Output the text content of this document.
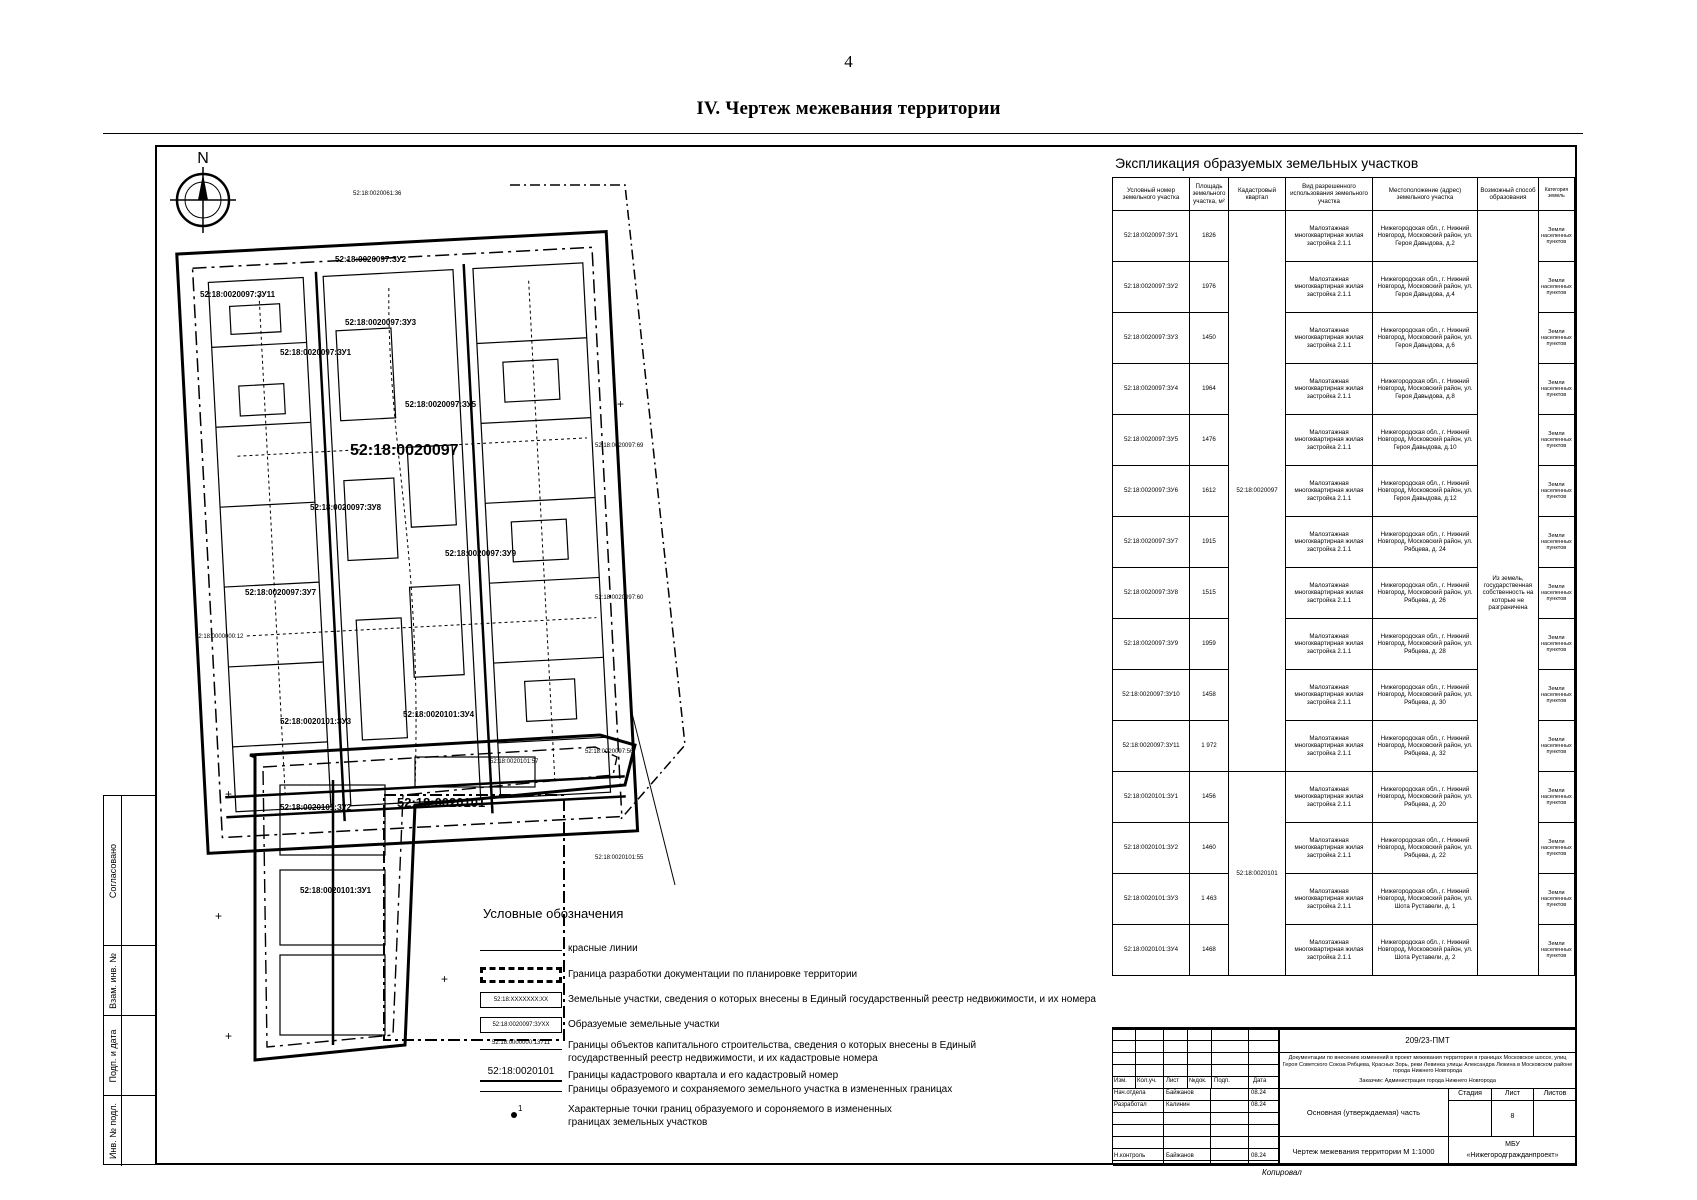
4
IV. Чертеж межевания территории
Согласовано
Взам. инв. №
Подп. и дата
Инв. № подл.
N
52:18:0020097
52:18:0020101
52:18:0020097:ЗУ2
52:18:0020097:ЗУ11
52:18:0020097:ЗУ3
52:18:0020097:ЗУ1
52:18:0020097:ЗУ5
52:18:0020097:ЗУ8
52:18:0020097:ЗУ9
52:18:0020097:ЗУ7
52:18:0020101:ЗУ3
52:18:0020101:ЗУ4
52:18:0020101:ЗУ2
52:18:0020101:ЗУ1
52:18:0020061:36
52:18:0020097:69
52:18:0020097:60
52:18:0020097:56
52:18:0020101:57
52:18:0020101:55
52:18:0000000:12
+
+
+
+
+
Экспликация образуемых земельных участков
Условный номер земельного участка	Площадь земельного участка, м²	Кадастровый квартал	Вид разрешенного использования земельного участка	Местоположение (адрес) земельного участка	Возможный способ образования	Категория земель
52:18:0020097:ЗУ1	1826	52:18:0020097	Малоэтажная многоквартирная жилая застройка 2.1.1	Нижегородская обл., г. Нижний Новгород, Московский район, ул. Героя Давыдова, д.2	Из земель, государственная собственность на которые не разграничена	Земли населенных пунктов
52:18:0020097:ЗУ2	1976		Малоэтажная многоквартирная жилая застройка 2.1.1	Нижегородская обл., г. Нижний Новгород, Московский район, ул. Героя Давыдова, д.4		Земли населенных пунктов
52:18:0020097:ЗУ3	1450		Малоэтажная многоквартирная жилая застройка 2.1.1	Нижегородская обл., г. Нижний Новгород, Московский район, ул. Героя Давыдова, д.6		Земли населенных пунктов
52:18:0020097:ЗУ4	1964		Малоэтажная многоквартирная жилая застройка 2.1.1	Нижегородская обл., г. Нижний Новгород, Московский район, ул. Героя Давыдова, д.8		Земли населенных пунктов
52:18:0020097:ЗУ5	1476		Малоэтажная многоквартирная жилая застройка 2.1.1	Нижегородская обл., г. Нижний Новгород, Московский район, ул. Героя Давыдова, д.10		Земли населенных пунктов
52:18:0020097:ЗУ6	1612		Малоэтажная многоквартирная жилая застройка 2.1.1	Нижегородская обл., г. Нижний Новгород, Московский район, ул. Героя Давыдова, д.12		Земли населенных пунктов
52:18:0020097:ЗУ7	1915		Малоэтажная многоквартирная жилая застройка 2.1.1	Нижегородская обл., г. Нижний Новгород, Московский район, ул. Рябцева, д. 24		Земли населенных пунктов
52:18:0020097:ЗУ8	1515		Малоэтажная многоквартирная жилая застройка 2.1.1	Нижегородская обл., г. Нижний Новгород, Московский район, ул. Рябцева, д. 26		Земли населенных пунктов
52:18:0020097:ЗУ9	1959		Малоэтажная многоквартирная жилая застройка 2.1.1	Нижегородская обл., г. Нижний Новгород, Московский район, ул. Рябцева, д. 28		Земли населенных пунктов
52:18:0020097:ЗУ10	1458		Малоэтажная многоквартирная жилая застройка 2.1.1	Нижегородская обл., г. Нижний Новгород, Московский район, ул. Рябцева, д. 30		Земли населенных пунктов
52:18:0020097:ЗУ11	1 972		Малоэтажная многоквартирная жилая застройка 2.1.1	Нижегородская обл., г. Нижний Новгород, Московский район, ул. Рябцева, д. 32		Земли населенных пунктов
52:18:0020101:ЗУ1	1456	52:18:0020101	Малоэтажная многоквартирная жилая застройка 2.1.1	Нижегородская обл., г. Нижний Новгород, Московский район, ул. Рябцева, д. 20		Земли населенных пунктов
52:18:0020101:ЗУ2	1460		Малоэтажная многоквартирная жилая застройка 2.1.1	Нижегородская обл., г. Нижний Новгород, Московский район, ул. Рябцева, д. 22		Земли населенных пунктов
52:18:0020101:ЗУ3	1 463		Малоэтажная многоквартирная жилая застройка 2.1.1	Нижегородская обл., г. Нижний Новгород, Московский район, ул. Шота Руставели, д. 1		Земли населенных пунктов
52:18:0020101:ЗУ4	1468		Малоэтажная многоквартирная жилая застройка 2.1.1	Нижегородская обл., г. Нижний Новгород, Московский район, ул. Шота Руставели, д. 2		Земли населенных пунктов
Условные обозначения
красные линии
Граница разработки документации по планировке территории
52:18:XXXXXXX:XX	Земельные участки, сведения о которых внесены в Единый государственный реестр недвижимости, и их номера
52:18:0020097:ЗУXX	Образуемые земельные участки
52:18:0000000:13711	Границы объектов капитального строительства, сведения о которых внесены в Единый государственный реестр недвижимости, и их кадастровые номера
52:18:0020101	Границы кадастрового квартала и его кадастровый номер
Границы образуемого и сохраняемого земельного участка в измененных границах
1	Характерные точки границ образуемого и сороняемого в измененных границах земельных участков
209/23-ПМТ
Документации по внесению изменений в проект межевания территории в границах Московское шоссе, улиц Героя Советского Союза Рябцева, Красных Зорь, реки Левинка улицы Александра Люкина в Московском районе города Нижнего Новгорода
Заказчик: Администрация города Нижнего Новгорода
Изм. Кол.уч. Лист №док. Подп.	Дата
Нач.отдела	Байжанов	08.24
Разработал	Калинин	08.24
Н.контроль	Байжанов	08.24
Основная (утверждаемая) часть
Стадия	Лист	Листов
8
Чертеж межевания территории М 1:1000
МБУ
«Нижегородгражданпроект»
Копировал
